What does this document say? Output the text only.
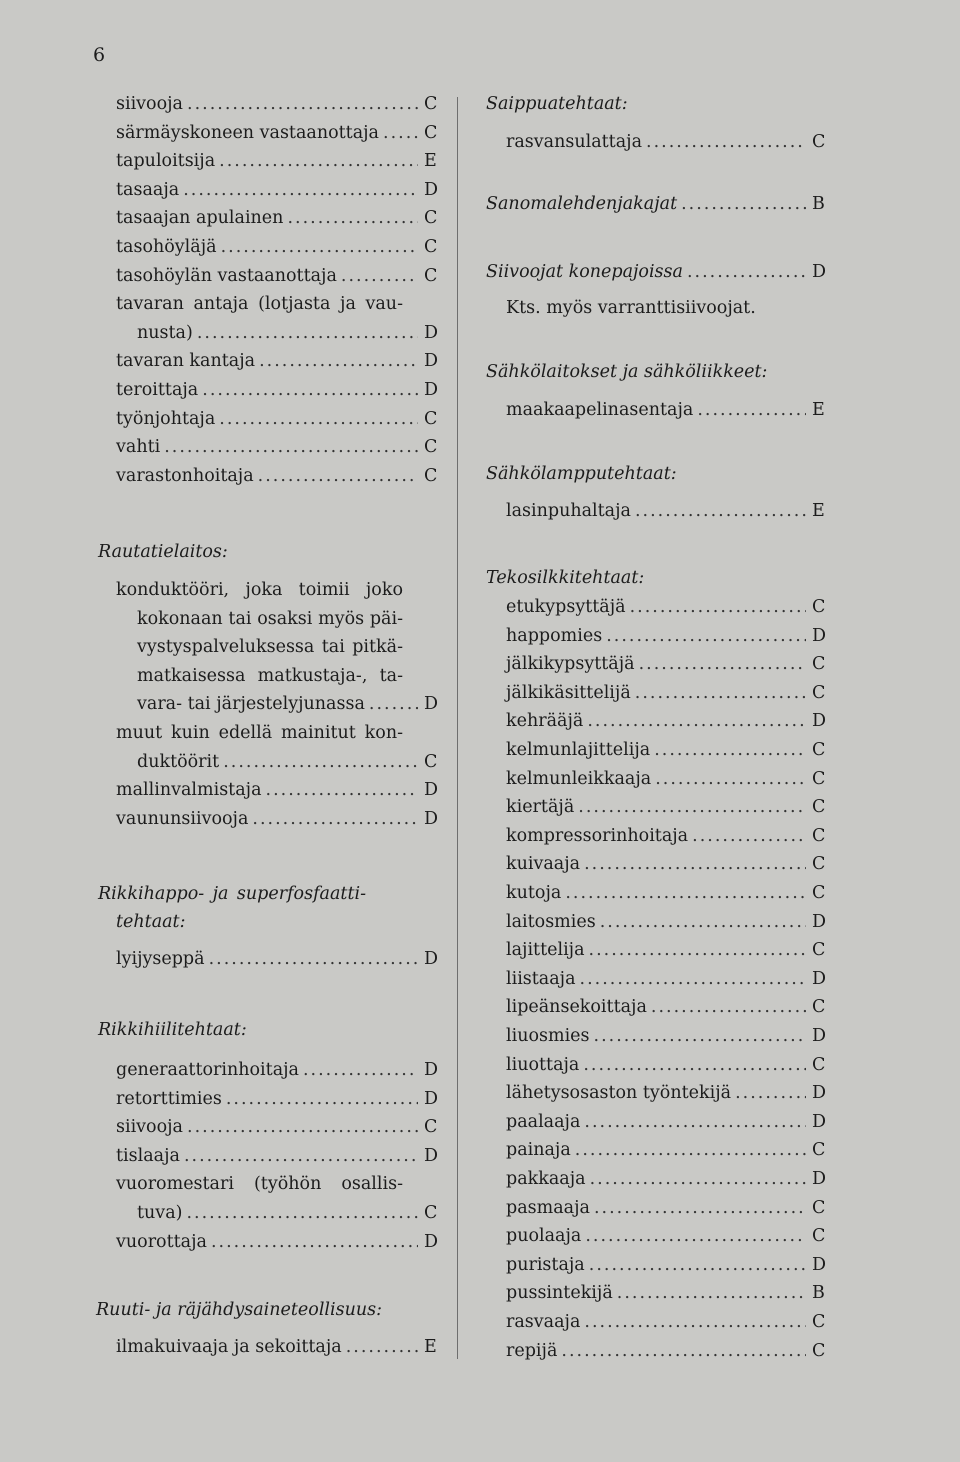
6
siivooja .....	C
särmäyskoneen vastaanottaja .....	C
tapuloitsija .....	E
tasaaja .....	D
tasaajan apulainen .....	C
tasohöyläjä .....	C
tasohöylän vastaanottaja .....	C
tavaran antaja (lotjasta ja vau-
nusta) .....	D
tavaran kantaja .....	D
teroittaja .....	D
työnjohtaja .....	C
vahti .....	C
varastonhoitaja .....	C
Rautatielaitos:
konduktööri, joka toimii joko
kokonaan tai osaksi myös päi-
vystyspalveluksessa tai pitkä-
matkaisessa matkustaja-, ta-
vara- tai järjestelyjunassa .....	D
muut kuin edellä mainitut kon-
duktöörit .....	C
mallinvalmistaja .....	D
vaununsiivooja .....	D
Rikkihappo- ja superfosfaatti-
tehtaat:
lyijyseppä .....	D
Rikkihiilitehtaat:
generaattorinhoitaja .....	D
retorttimies .....	D
siivooja .....	C
tislaaja .....	D
vuoromestari (työhön osallis-
tuva) .....	C
vuorottaja .....	D
Ruuti- ja räjähdysaineteollisuus:
ilmakuivaaja ja sekoittaja .....	E
Saippuatehtaat:
rasvansulattaja .....	C
Sanomalehdenjakajat .....	B
Siivoojat konepajoissa .....	D
Kts. myös varranttisiivoojat.
Sähkölaitokset ja sähköliikkeet:
maakaapelinasentaja .....	E
Sähkölampputehtaat:
lasinpuhaltaja .....	E
Tekosilkkitehtaat:
etukypsyttäjä .....	C
happomies .....	D
jälkikypsyttäjä .....	C
jälkikäsittelijä .....	C
kehrääjä .....	D
kelmunlajittelija .....	C
kelmunleikkaaja .....	C
kiertäjä .....	C
kompressorinhoitaja .....	C
kuivaaja .....	C
kutoja .....	C
laitosmies .....	D
lajittelija .....	C
liistaaja .....	D
lipeänsekoittaja .....	C
liuosmies .....	D
liuottaja .....	C
lähetysosaston työntekijä .....	D
paalaaja .....	D
painaja .....	C
pakkaaja .....	D
pasmaaja .....	C
puolaaja .....	C
puristaja .....	D
pussintekijä .....	B
rasvaaja .....	C
repijä .....	C
